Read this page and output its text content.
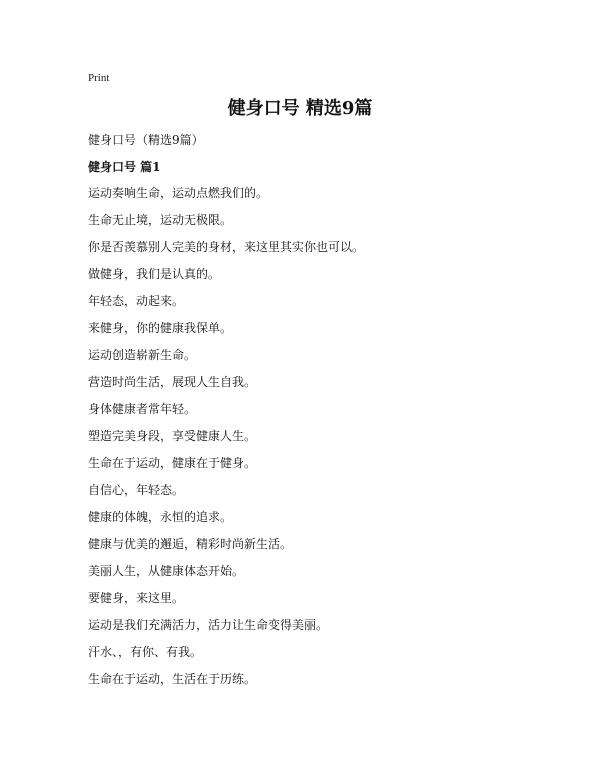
Print
健身口号 精选9篇
健身口号（精选9篇）
健身口号 篇1
运动奏响生命，运动点燃我们的。
生命无止境，运动无极限。
你是否羡慕别人完美的身材，来这里其实你也可以。
做健身，我们是认真的。
年轻态，动起来。
来健身，你的健康我保单。
运动创造崭新生命。
营造时尚生活，展现人生自我。
身体健康者常年轻。
塑造完美身段，享受健康人生。
生命在于运动，健康在于健身。
自信心，年轻态。
健康的体魄，永恒的追求。
健康与优美的邂逅，精彩时尚新生活。
美丽人生，从健康体态开始。
要健身，来这里。
运动是我们充满活力，活力让生命变得美丽。
汗水、，有你、有我。
生命在于运动，生活在于历练。
